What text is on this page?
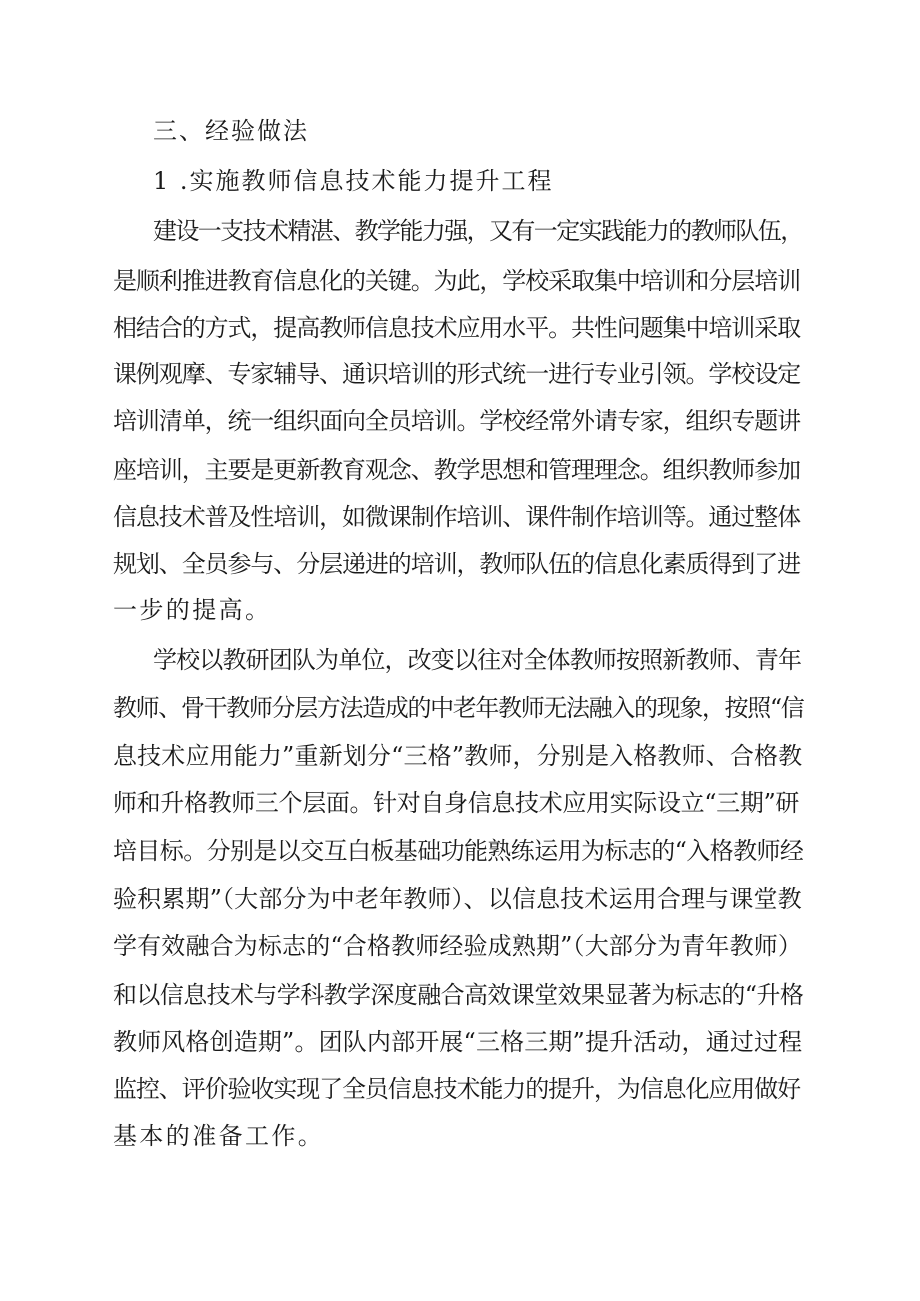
三、经验做法
1 .实施教师信息技术能力提升工程
建设一支技术精湛、教学能力强，又有一定实践能力的教师队伍，
是顺利推进教育信息化的关键。为此，学校采取集中培训和分层培训
相结合的方式，提高教师信息技术应用水平。共性问题集中培训采取
课例观摩、专家辅导、通识培训的形式统一进行专业引领。学校设定
培训清单，统一组织面向全员培训。学校经常外请专家，组织专题讲
座培训，主要是更新教育观念、教学思想和管理理念。组织教师参加
信息技术普及性培训，如微课制作培训、课件制作培训等。通过整体
规划、全员参与、分层递进的培训，教师队伍的信息化素质得到了进
一步的提高。
学校以教研团队为单位，改变以往对全体教师按照新教师、青年
教师、骨干教师分层方法造成的中老年教师无法融入的现象，按照“信
息技术应用能力”重新划分“三格”教师，分别是入格教师、合格教
师和升格教师三个层面。针对自身信息技术应用实际设立“三期”研
培目标。分别是以交互白板基础功能熟练运用为标志的“入格教师经
验积累期”（大部分为中老年教师）、以信息技术运用合理与课堂教
学有效融合为标志的“合格教师经验成熟期”（大部分为青年教师）
和以信息技术与学科教学深度融合高效课堂效果显著为标志的“升格
教师风格创造期”。团队内部开展“三格三期”提升活动，通过过程
监控、评价验收实现了全员信息技术能力的提升，为信息化应用做好
基本的准备工作。
